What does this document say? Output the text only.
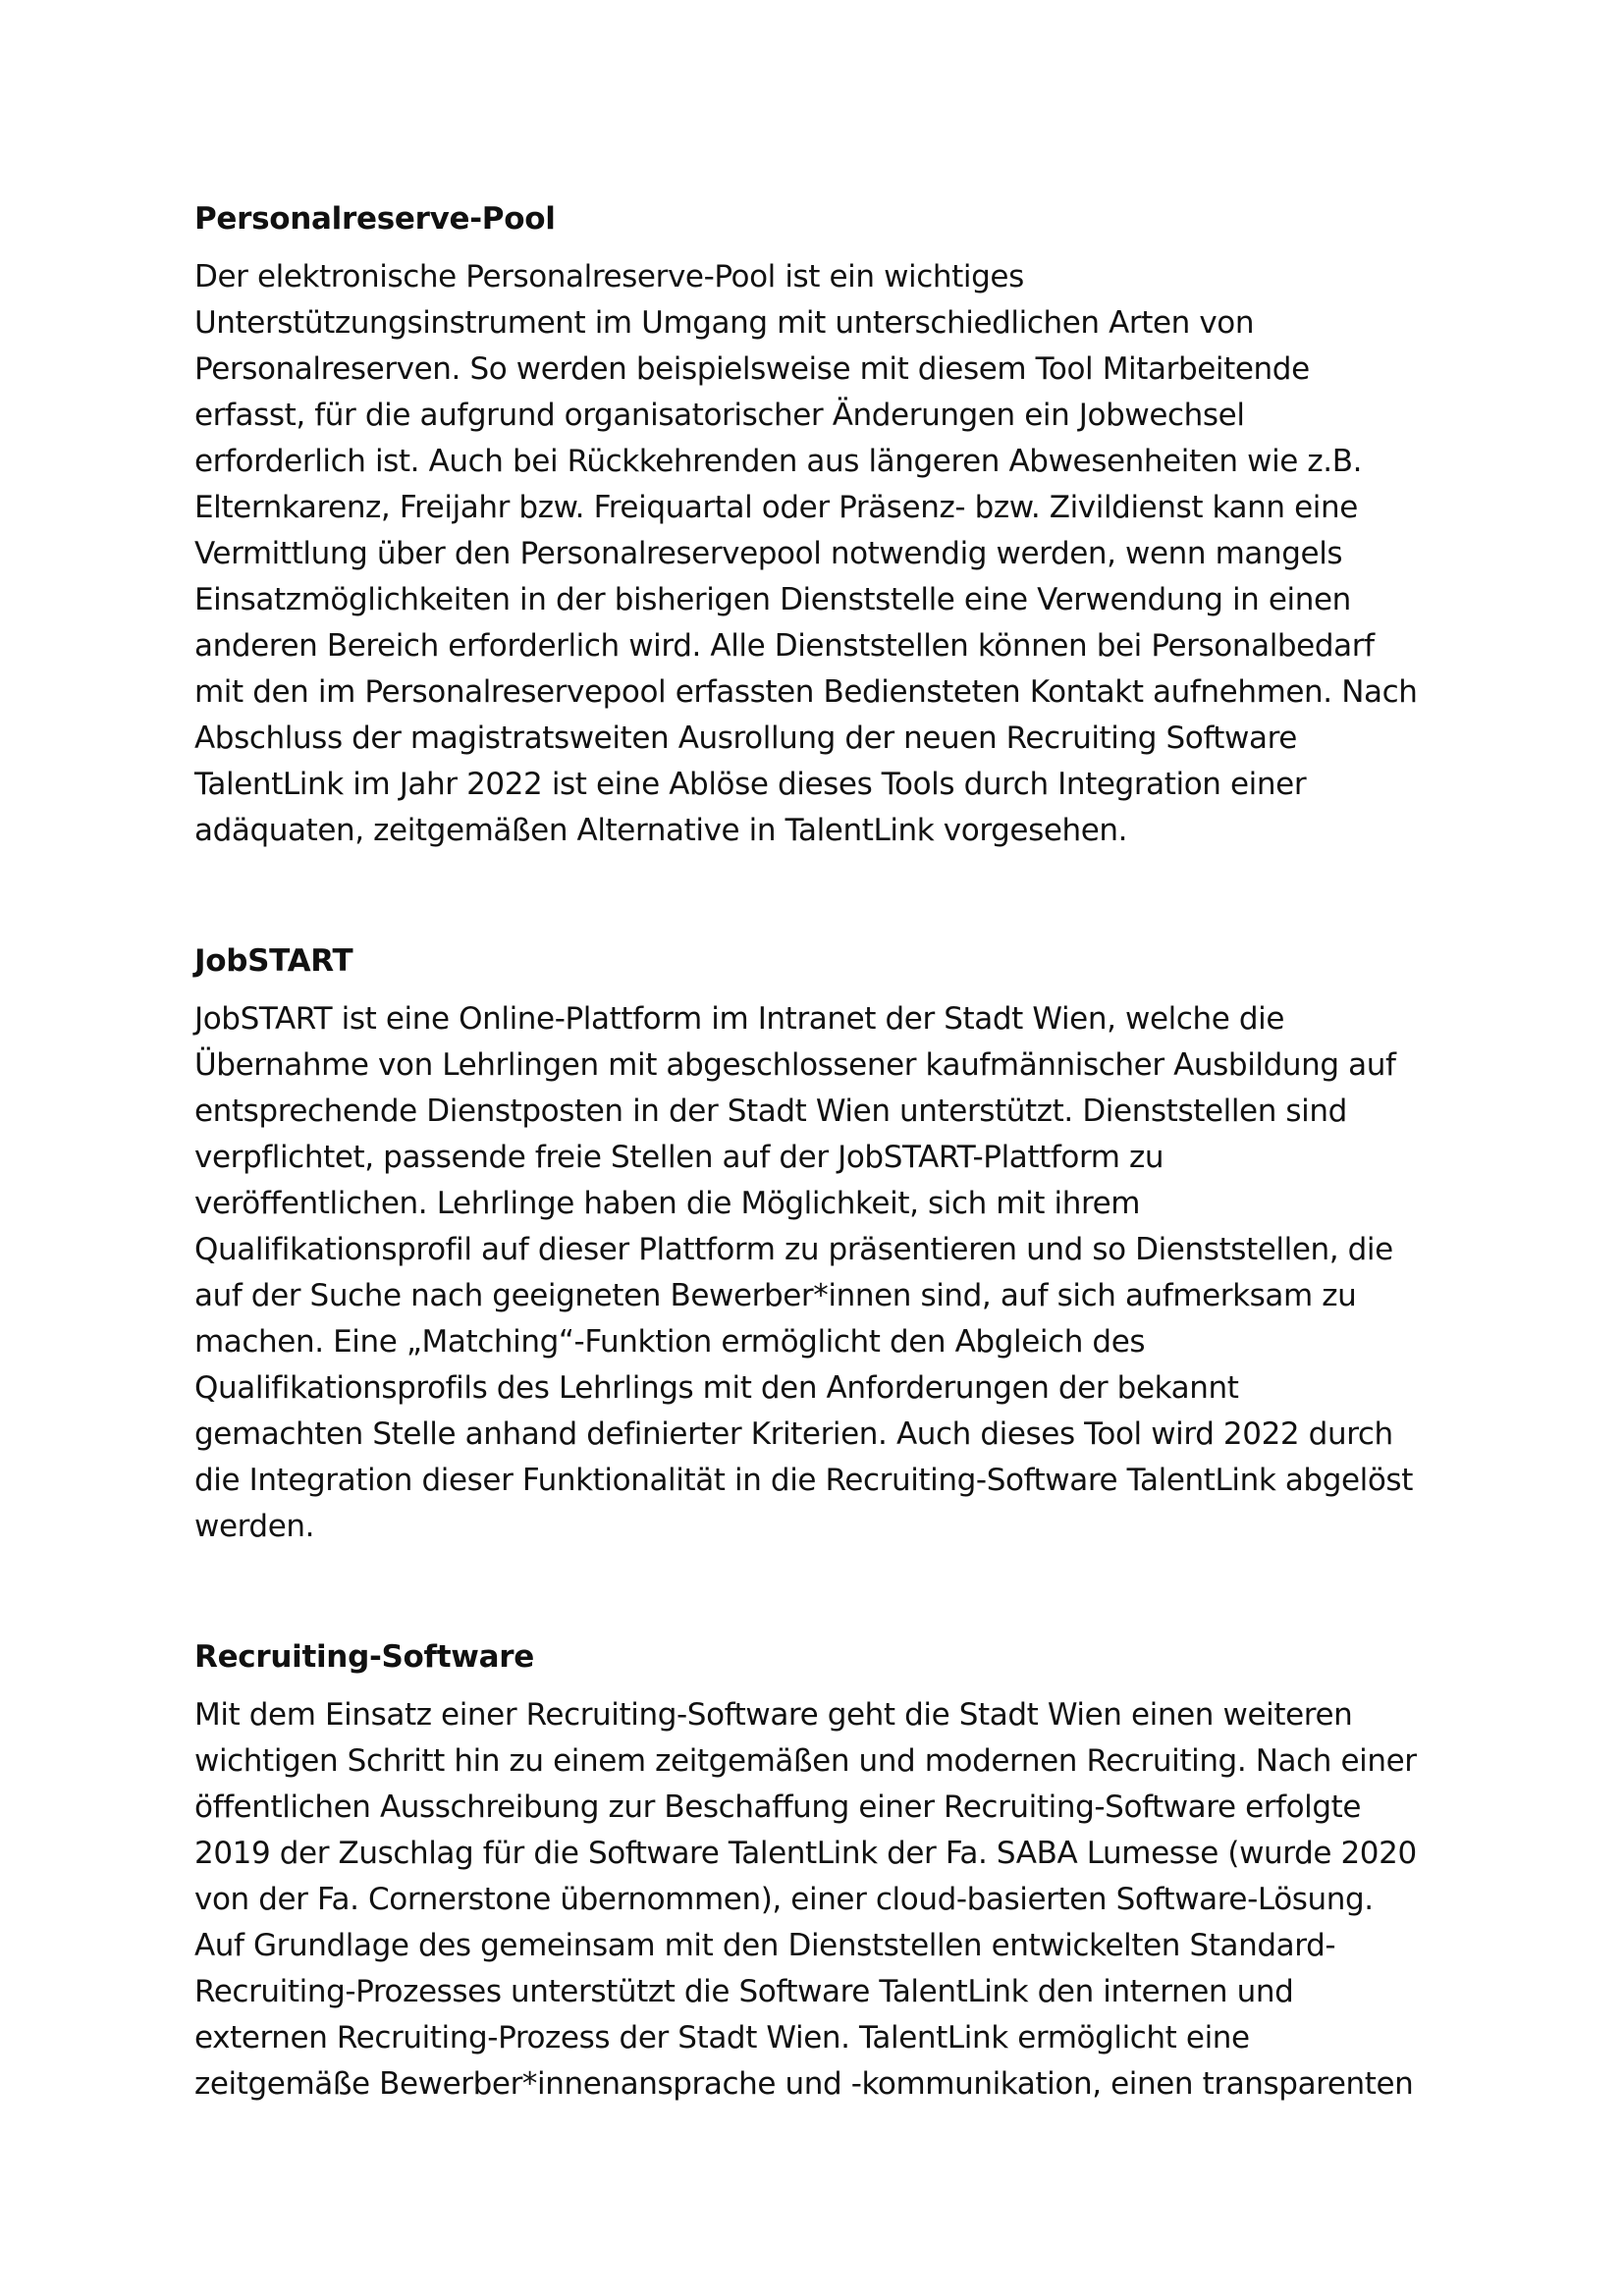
Personalreserve-Pool

Der elektronische Personalreserve-Pool ist ein wichtiges
Unterstützungsinstrument im Umgang mit unterschiedlichen Arten von
Personalreserven. So werden beispielsweise mit diesem Tool Mitarbeitende
erfasst, für die aufgrund organisatorischer Änderungen ein Jobwechsel
erforderlich ist. Auch bei Rückkehrenden aus längeren Abwesenheiten wie z.B.
Elternkarenz, Freijahr bzw. Freiquartal oder Präsenz- bzw. Zivildienst kann eine
Vermittlung über den Personalreservepool notwendig werden, wenn mangels
Einsatzmöglichkeiten in der bisherigen Dienststelle eine Verwendung in einen
anderen Bereich erforderlich wird. Alle Dienststellen können bei Personalbedarf
mit den im Personalreservepool erfassten Bediensteten Kontakt aufnehmen. Nach
Abschluss der magistratsweiten Ausrollung der neuen Recruiting Software
TalentLink im Jahr 2022 ist eine Ablöse dieses Tools durch Integration einer
adäquaten, zeitgemäßen Alternative in TalentLink vorgesehen.

JobSTART

JobSTART ist eine Online-Plattform im Intranet der Stadt Wien, welche die
Übernahme von Lehrlingen mit abgeschlossener kaufmännischer Ausbildung auf
entsprechende Dienstposten in der Stadt Wien unterstützt. Dienststellen sind
verpflichtet, passende freie Stellen auf der JobSTART-Plattform zu
veröffentlichen. Lehrlinge haben die Möglichkeit, sich mit ihrem
Qualifikationsprofil auf dieser Plattform zu präsentieren und so Dienststellen, die
auf der Suche nach geeigneten Bewerber*innen sind, auf sich aufmerksam zu
machen. Eine „Matching“-Funktion ermöglicht den Abgleich des
Qualifikationsprofils des Lehrlings mit den Anforderungen der bekannt
gemachten Stelle anhand definierter Kriterien. Auch dieses Tool wird 2022 durch
die Integration dieser Funktionalität in die Recruiting-Software TalentLink abgelöst
werden.

Recruiting-Software

Mit dem Einsatz einer Recruiting-Software geht die Stadt Wien einen weiteren
wichtigen Schritt hin zu einem zeitgemäßen und modernen Recruiting. Nach einer
öffentlichen Ausschreibung zur Beschaffung einer Recruiting-Software erfolgte
2019 der Zuschlag für die Software TalentLink der Fa. SABA Lumesse (wurde 2020
von der Fa. Cornerstone übernommen), einer cloud-basierten Software-Lösung.
Auf Grundlage des gemeinsam mit den Dienststellen entwickelten Standard-
Recruiting-Prozesses unterstützt die Software TalentLink den internen und
externen Recruiting-Prozess der Stadt Wien. TalentLink ermöglicht eine
zeitgemäße Bewerber*innenansprache und -kommunikation, einen transparenten
